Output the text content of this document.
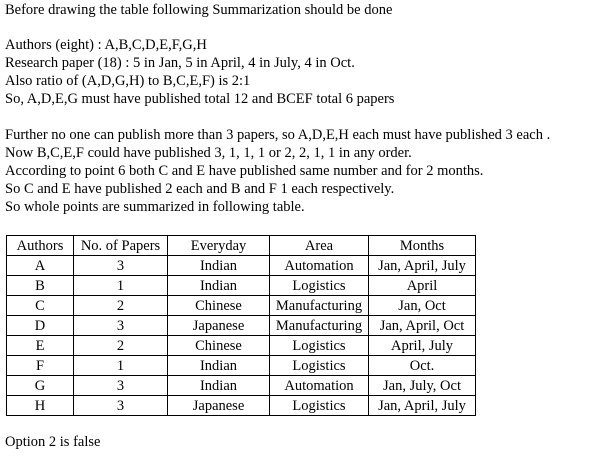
Before drawing the table following Summarization should be done
Authors (eight) : A,B,C,D,E,F,G,H
Research paper (18) : 5 in Jan, 5 in April, 4 in July, 4 in Oct.
Also ratio of (A,D,G,H) to B,C,E,F) is 2:1
So, A,D,E,G must have published total 12 and BCEF total 6 papers
Further no one can publish more than 3 papers, so A,D,E,H each must have published 3 each .
Now B,C,E,F could have published 3, 1, 1, 1 or 2, 2, 1, 1 in any order.
According to point 6 both C and E have published same number and for 2 months.
So C and E have published 2 each and B and F 1 each respectively.
So whole points are summarized in following table.
Authors	No. of Papers	Everyday	Area	Months
A	3	Indian	Automation	Jan, April, July
B	1	Indian	Logistics	April
C	2	Chinese	Manufacturing	Jan, Oct
D	3	Japanese	Manufacturing	Jan, April, Oct
E	2	Chinese	Logistics	April, July
F	1	Indian	Logistics	Oct.
G	3	Indian	Automation	Jan, July, Oct
H	3	Japanese	Logistics	Jan, April, July
Option 2 is false
